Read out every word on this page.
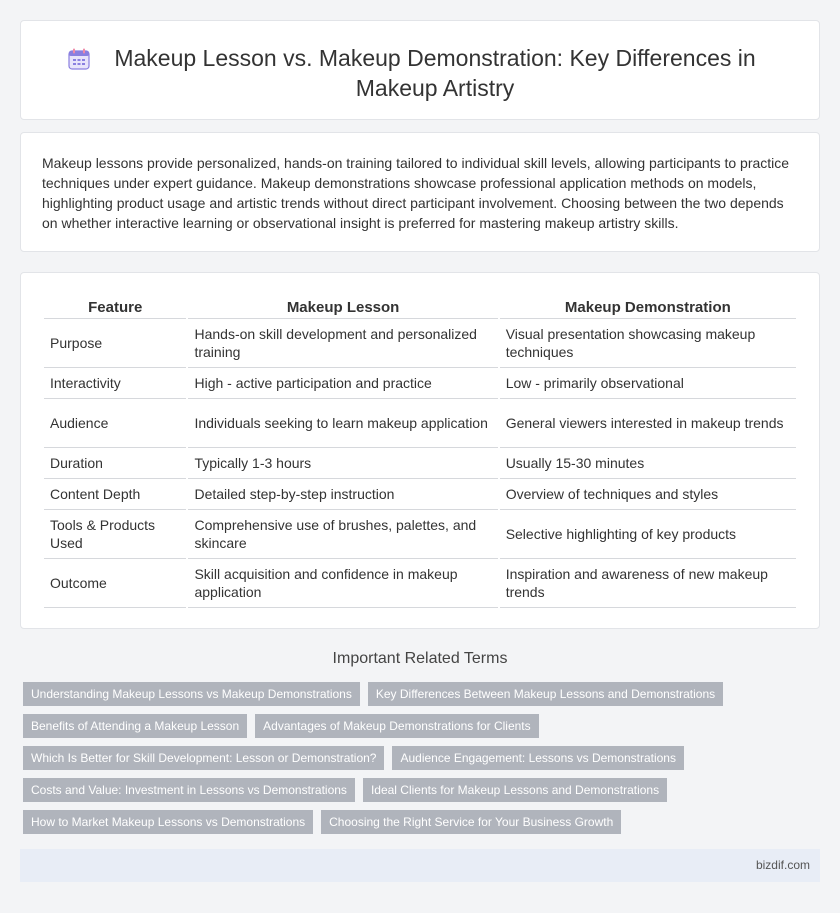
Makeup Lesson vs. Makeup Demonstration: Key Differences in Makeup Artistry

Makeup lessons provide personalized, hands-on training tailored to individual skill levels, allowing participants to practice techniques under expert guidance. Makeup demonstrations showcase professional application methods on models, highlighting product usage and artistic trends without direct participant involvement. Choosing between the two depends on whether interactive learning or observational insight is preferred for mastering makeup artistry skills.

Feature	Makeup Lesson	Makeup Demonstration
Purpose	Hands-on skill development and personalized training	Visual presentation showcasing makeup techniques
Interactivity	High - active participation and practice	Low - primarily observational
Audience	Individuals seeking to learn makeup application	General viewers interested in makeup trends
Duration	Typically 1-3 hours	Usually 15-30 minutes
Content Depth	Detailed step-by-step instruction	Overview of techniques and styles
Tools & Products Used	Comprehensive use of brushes, palettes, and skincare	Selective highlighting of key products
Outcome	Skill acquisition and confidence in makeup application	Inspiration and awareness of new makeup trends
Important Related Terms
Understanding Makeup Lessons vs Makeup Demonstrations	Key Differences Between Makeup Lessons and Demonstrations
Benefits of Attending a Makeup Lesson	Advantages of Makeup Demonstrations for Clients
Which Is Better for Skill Development: Lesson or Demonstration?	Audience Engagement: Lessons vs Demonstrations
Costs and Value: Investment in Lessons vs Demonstrations	Ideal Clients for Makeup Lessons and Demonstrations
How to Market Makeup Lessons vs Demonstrations	Choosing the Right Service for Your Business Growth
bizdif.com
